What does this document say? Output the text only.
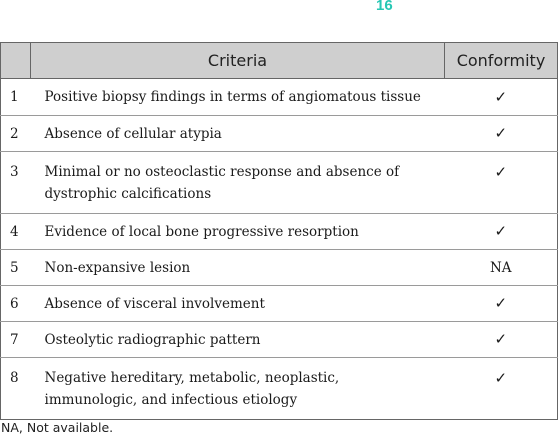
16
	Criteria	Conformity
1	Positive biopsy findings in terms of angiomatous tissue	✓
2	Absence of cellular atypia	✓
3	Minimal or no osteoclastic response and absence of dystrophic calcifications	✓
4	Evidence of local bone progressive resorption	✓
5	Non-expansive lesion	NA
6	Absence of visceral involvement	✓
7	Osteolytic radiographic pattern	✓
8	Negative hereditary, metabolic, neoplastic, immunologic, and infectious etiology	✓
NA, Not available.
